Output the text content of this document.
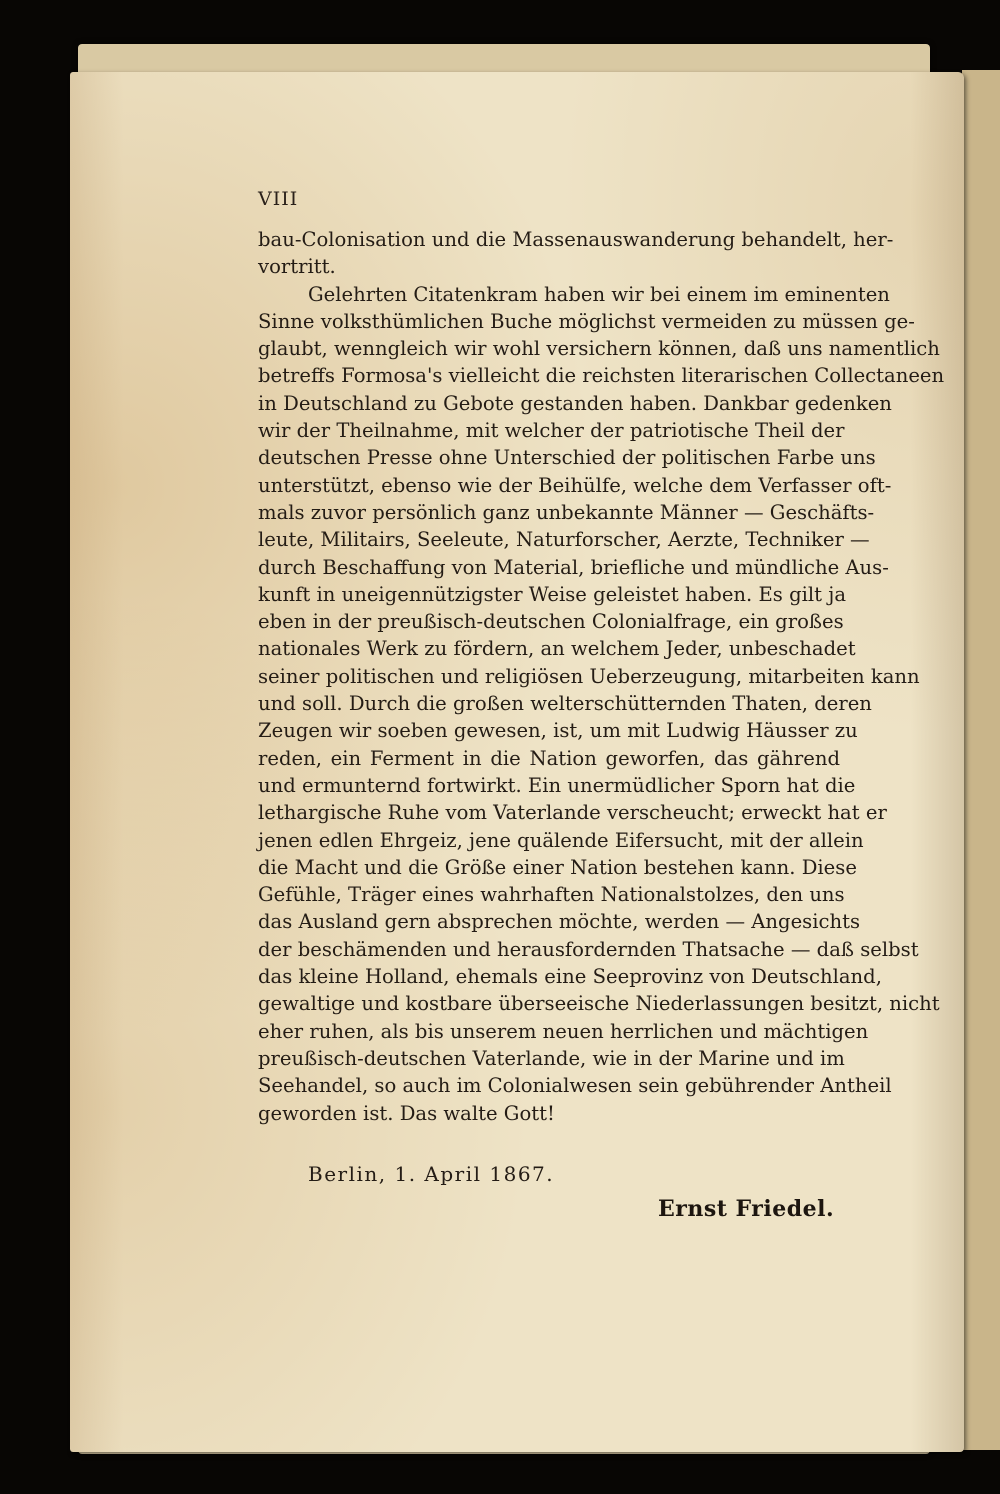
VIII
bau-Colonisation und die Massenauswanderung behandelt, her-
vortritt.
Gelehrten Citatenkram haben wir bei einem im eminenten
Sinne volksthümlichen Buche möglichst vermeiden zu müssen ge-
glaubt, wenngleich wir wohl versichern können, daß uns namentlich
betreffs Formosa's vielleicht die reichsten literarischen Collectaneen
in Deutschland zu Gebote gestanden haben. Dankbar gedenken
wir der Theilnahme, mit welcher der patriotische Theil der
deutschen Presse ohne Unterschied der politischen Farbe uns
unterstützt, ebenso wie der Beihülfe, welche dem Verfasser oft-
mals zuvor persönlich ganz unbekannte Männer — Geschäfts-
leute, Militairs, Seeleute, Naturforscher, Aerzte, Techniker —
durch Beschaffung von Material, briefliche und mündliche Aus-
kunft in uneigennützigster Weise geleistet haben. Es gilt ja
eben in der preußisch-deutschen Colonialfrage, ein großes
nationales Werk zu fördern, an welchem Jeder, unbeschadet
seiner politischen und religiösen Ueberzeugung, mitarbeiten kann
und soll. Durch die großen welterschütternden Thaten, deren
Zeugen wir soeben gewesen, ist, um mit Ludwig Häusser zu
reden, ein Ferment in die Nation geworfen, das gährend
und ermunternd fortwirkt. Ein unermüdlicher Sporn hat die
lethargische Ruhe vom Vaterlande verscheucht; erweckt hat er
jenen edlen Ehrgeiz, jene quälende Eifersucht, mit der allein
die Macht und die Größe einer Nation bestehen kann. Diese
Gefühle, Träger eines wahrhaften Nationalstolzes, den uns
das Ausland gern absprechen möchte, werden — Angesichts
der beschämenden und herausfordernden Thatsache — daß selbst
das kleine Holland, ehemals eine Seeprovinz von Deutschland,
gewaltige und kostbare überseeische Niederlassungen besitzt, nicht
eher ruhen, als bis unserem neuen herrlichen und mächtigen
preußisch-deutschen Vaterlande, wie in der Marine und im
Seehandel, so auch im Colonialwesen sein gebührender Antheil
geworden ist. Das walte Gott!
Berlin, 1. April 1867.
Ernst Friedel.
